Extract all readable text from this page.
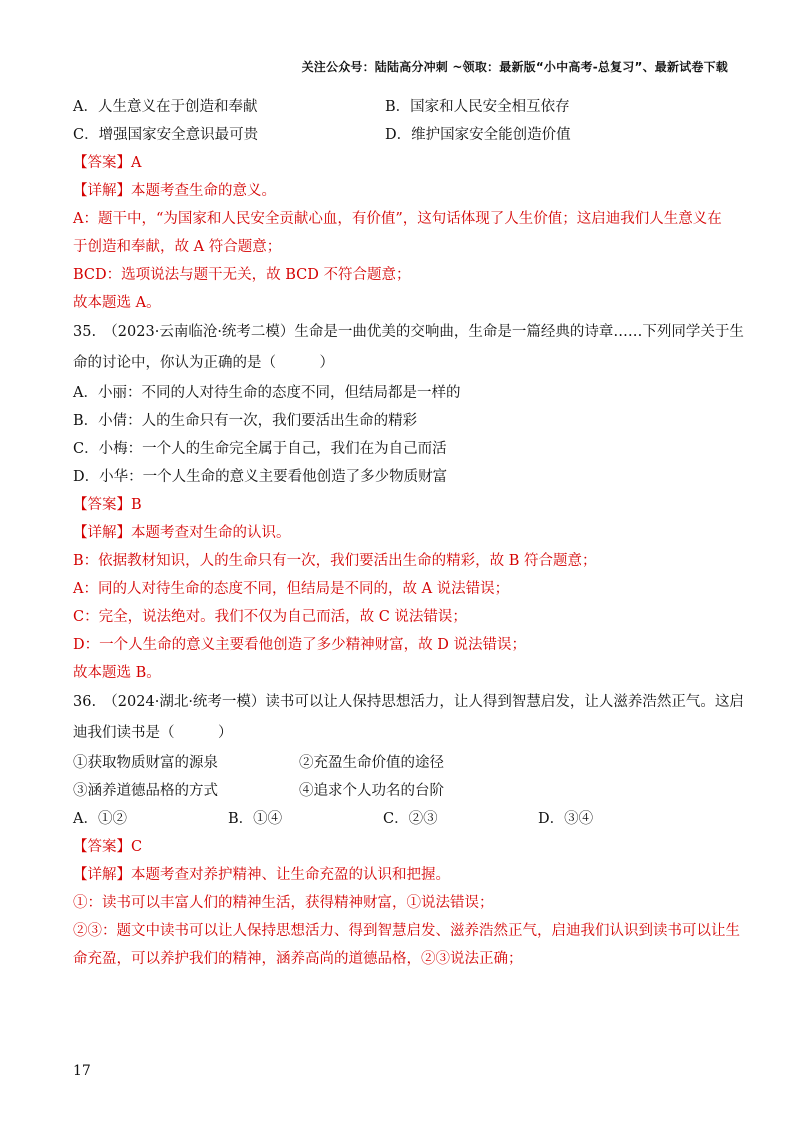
关注公众号：陆陆高分冲刺 ~领取：最新版“小中高考-总复习”、最新试卷下载
A．人生意义在于创造和奉献	B．国家和人民安全相互依存
C．增强国家安全意识最可贵	D．维护国家安全能创造价值
【答案】A
【详解】本题考查生命的意义。
A：题干中，“为国家和人民安全贡献心血，有价值”，这句话体现了人生价值；这启迪我们人生意义在
于创造和奉献，故 A 符合题意；
BCD：选项说法与题干无关，故 BCD 不符合题意；
故本题选 A。
35.　（2023·云南临沧·统考二模）生命是一曲优美的交响曲，生命是一篇经典的诗章……下列同学关于生
命的讨论中，你认为正确的是（　　　）
A．小丽：不同的人对待生命的态度不同，但结局都是一样的
B．小倩：人的生命只有一次，我们要活出生命的精彩
C．小梅：一个人的生命完全属于自己，我们在为自己而活
D．小华：一个人生命的意义主要看他创造了多少物质财富
【答案】B
【详解】本题考查对生命的认识。
B：依据教材知识，人的生命只有一次，我们要活出生命的精彩，故 B 符合题意；
A：同的人对待生命的态度不同，但结局是不同的，故 A 说法错误；
C：完全，说法绝对。我们不仅为自己而活，故 C 说法错误；
D：一个人生命的意义主要看他创造了多少精神财富，故 D 说法错误；
故本题选 B。
36.　（2024·湖北·统考一模）读书可以让人保持思想活力，让人得到智慧启发，让人滋养浩然正气。这启
迪我们读书是（　　　）
①获取物质财富的源泉	②充盈生命价值的途径
③涵养道德品格的方式	④追求个人功名的台阶
A．①②	B．①④	C．②③	D．③④
【答案】C
【详解】本题考查对养护精神、让生命充盈的认识和把握。
①：读书可以丰富人们的精神生活，获得精神财富，①说法错误；
②③：题文中读书可以让人保持思想活力、得到智慧启发、滋养浩然正气，启迪我们认识到读书可以让生
命充盈，可以养护我们的精神，涵养高尚的道德品格，②③说法正确；
17
